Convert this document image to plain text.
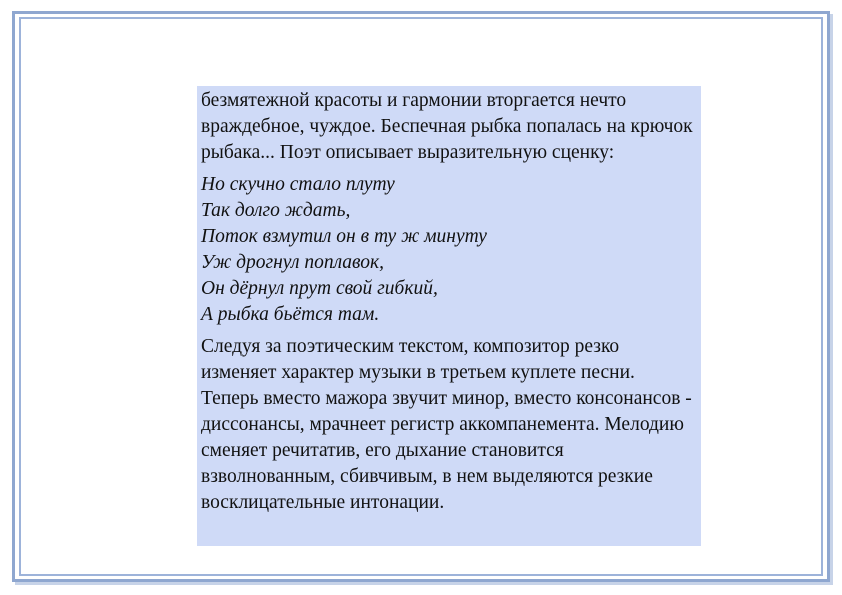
безмятежной красоты и гармонии вторгается нечто враждебное, чуждое. Беспечная рыбка попалась на крючок рыбака... Поэт описывает выразительную сценку:

Но скучно стало плуту
Так долго ждать,
Поток взмутил он в ту ж минуту
Уж дрогнул поплавок,
Он дёрнул прут свой гибкий,
А рыбка бьётся там.

Следуя за поэтическим текстом, композитор резко изменяет характер музыки в третьем куплете песни. Теперь вместо мажора звучит минор, вместо консонансов - диссонансы, мрачнеет регистр аккомпанемента. Мелодию сменяет речитатив, его дыхание становится взволнованным, сбивчивым, в нем выделяются резкие восклицательные интонации.
